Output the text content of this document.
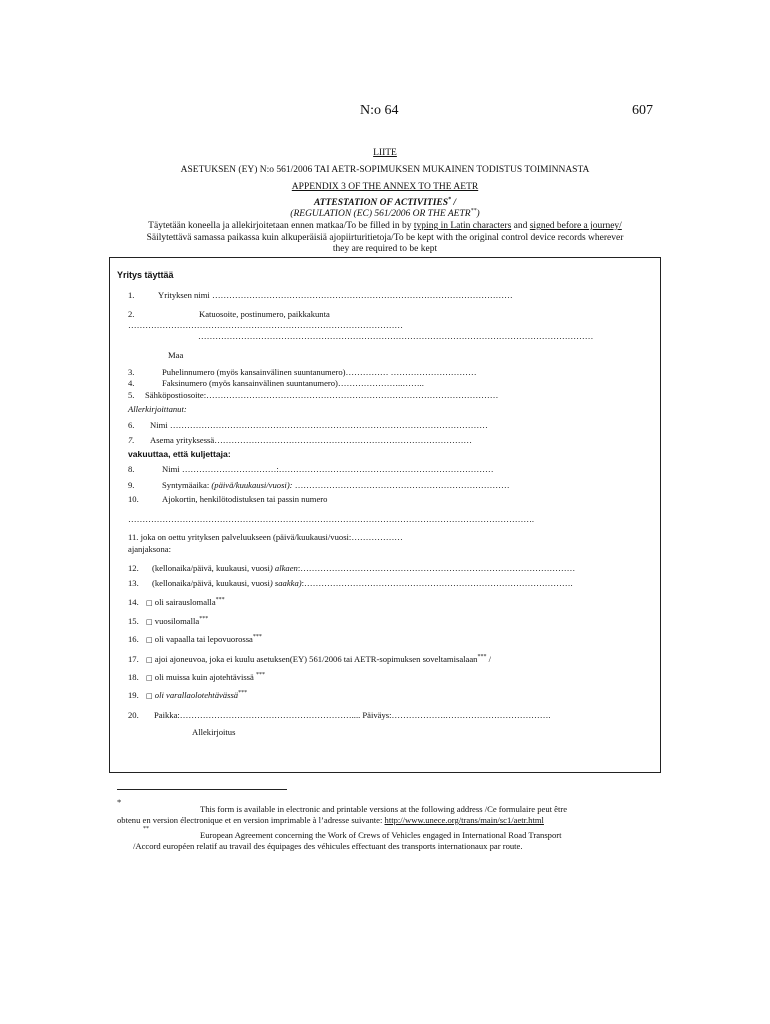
N:o 64	607
LIITE
ASETUKSEN (EY) N:o 561/2006 TAI AETR-SOPIMUKSEN MUKAINEN TODISTUS TOIMINNASTA
APPENDIX 3 OF THE ANNEX TO THE AETR
ATTESTATION OF ACTIVITIES* /
(REGULATION (EC) 561/2006 OR THE AETR**)
Täytetään koneella ja allekirjoitetaan ennen matkaa/To be filled in by typing in Latin characters and signed before a journey/
Säilytettävä samassa paikassa kuin alkuperäisiä ajopiirturitietoja/To be kept with the original control device records wherever
they are required to be kept
Yritys täyttää
1.	Yrityksen nimi ……………………………………………………………………………………………
2.	Katuosoite, postinumero, paikkakunta
……………………………………………………………………………………
…………………………………………………………………………………………………………………………
Maa
3.	Puhelinnumero (myös kansainvälinen suuntanumero)…………… …………………………
4.	Faksinumero (myös kansainvälinen suuntanumero)…………………..……..
5. Sähköpostiosoite:…………………………………………………………………………………………
Allerkirjoittanut:
6. Nimi …………………………………………………………………………………………………
7. Asema yrityksessä………………………………………………………………………………
vakuuttaa, että kuljettaja:
8.	Nimi ……………………………:…………………………………………………………………
9.	Syntymäaika: (päivä/kuukausi/vuosi): …………………………………………………………………
10.	Ajokortin, henkilötodistuksen tai passin numero
…………………………………………………………………………………………………………………………….
11. joka on oettu yrityksen palveluukseen (päivä/kuukausi/vuosi:………………
ajanjaksona:
12. (kellonaika/päivä, kuukausi, vuosi) alkaen:……………………………………………………………………………………
13. (kellonaika/päivä, kuukausi, vuosi) saakka):………………………………………………………………………………….
14. □ oli sairauslomalla***
15. □ vuosilomalla***
16. □ oli vapaalla tai lepovuorossa***
17. □ ajoi ajoneuvoa, joka ei kuulu asetuksen(EY) 561/2006 tai AETR-sopimuksen soveltamisalaan*** /
18. □ oli muissa kuin ajotehtävissä ***
19. □ oli varallaolotehtävässä***
20. Paikka:…………………………………………………….... Päiväys:……………….……………………………….
Allekirjoitus
*
This form is available in electronic and printable versions at the following address /Ce formulaire peut être
obtenu en version électronique et en version imprimable à l’adresse suivante: http://www.unece.org/trans/main/sc1/aetr.html
**
European Agreement concerning the Work of Crews of Vehicles engaged in International Road Transport
/Accord européen relatif au travail des équipages des véhicules effectuant des transports internationaux par route.
